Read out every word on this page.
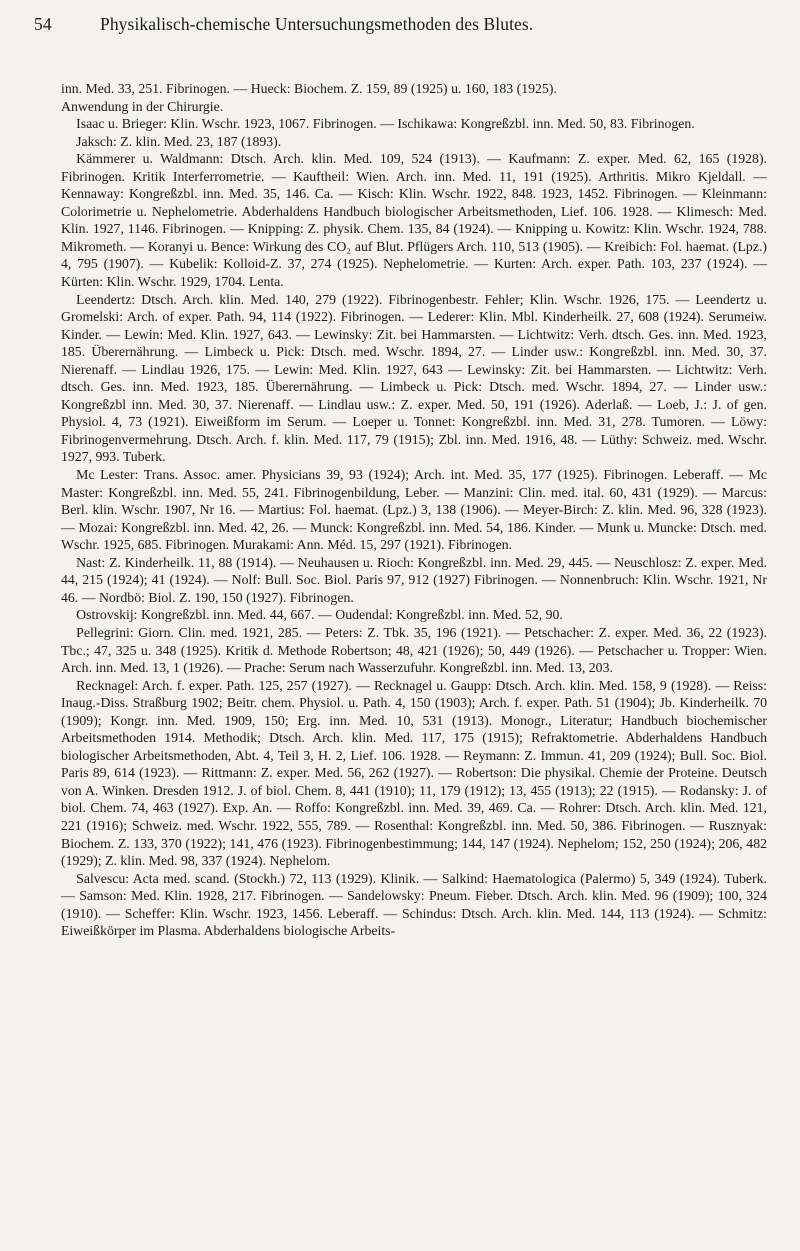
54	Physikalisch-chemische Untersuchungsmethoden des Blutes.

inn. Med. 33, 251. Fibrinogen. — Hueck: Biochem. Z. 159, 89 (1925) u. 160, 183 (1925).

Anwendung in der Chirurgie.

Isaac u. Brieger: Klin. Wschr. 1923, 1067. Fibrinogen. — Ischikawa: Kongreßzbl. inn. Med. 50, 83. Fibrinogen.

Jaksch: Z. klin. Med. 23, 187 (1893).

Kämmerer u. Waldmann: Dtsch. Arch. klin. Med. 109, 524 (1913). — Kaufmann: Z. exper. Med. 62, 165 (1928). Fibrinogen. Kritik Interferrometrie. — Kauftheil: Wien. Arch. inn. Med. 11, 191 (1925). Arthritis. Mikro Kjeldall. — Kennaway: Kongreßzbl. inn. Med. 35, 146. Ca. — Kisch: Klin. Wschr. 1922, 848. 1923, 1452. Fibrinogen. — Kleinmann: Colorimetrie u. Nephelometrie. Abderhaldens Handbuch biologischer Arbeitsmethoden, Lief. 106. 1928. — Klimesch: Med. Klin. 1927, 1146. Fibrinogen. — Knipping: Z. physik. Chem. 135, 84 (1924). — Knipping u. Kowitz: Klin. Wschr. 1924, 788. Mikrometh. — Koranyi u. Bence: Wirkung des CO₂ auf Blut. Pflügers Arch. 110, 513 (1905). — Kreibich: Fol. haemat. (Lpz.) 4, 795 (1907). — Kubelik: Kolloid-Z. 37, 274 (1925). Nephelometrie. — Kurten: Arch. exper. Path. 103, 237 (1924). — Kürten: Klin. Wschr. 1929, 1704. Lenta.

Leendertz: Dtsch. Arch. klin. Med. 140, 279 (1922). Fibrinogenbestr. Fehler; Klin. Wschr. 1926, 175. — Leendertz u. Gromelski: Arch. of exper. Path. 94, 114 (1922). Fibrinogen. — Lederer: Klin. Mbl. Kinderheilk. 27, 608 (1924). Serumeiw. Kinder. — Lewin: Med. Klin. 1927, 643. — Lewinsky: Zit. bei Hammarsten. — Lichtwitz: Verh. dtsch. Ges. inn. Med. 1923, 185. Überernährung. — Limbeck u. Pick: Dtsch. med. Wschr. 1894, 27. — Linder usw.: Kongreßzbl. inn. Med. 30, 37. Nierenaff. — Lindlau 1926, 175. — Lewin: Med. Klin. 1927, 643 — Lewinsky: Zit. bei Hammarsten. — Lichtwitz: Verh. dtsch. Ges. inn. Med. 1923, 185. Überernährung. — Limbeck u. Pick: Dtsch. med. Wschr. 1894, 27. — Linder usw.: Kongreßzbl inn. Med. 30, 37. Nierenaff. — Lindlau usw.: Z. exper. Med. 50, 191 (1926). Aderlaß. — Loeb, J.: J. of gen. Physiol. 4, 73 (1921). Eiweißform im Serum. — Loeper u. Tonnet: Kongreßzbl. inn. Med. 31, 278. Tumoren. — Löwy: Fibrinogenvermehrung. Dtsch. Arch. f. klin. Med. 117, 79 (1915); Zbl. inn. Med. 1916, 48. — Lüthy: Schweiz. med. Wschr. 1927, 993. Tuberk.

Mc Lester: Trans. Assoc. amer. Physicians 39, 93 (1924); Arch. int. Med. 35, 177 (1925). Fibrinogen. Leberaff. — Mc Master: Kongreßzbl. inn. Med. 55, 241. Fibrinogenbildung, Leber. — Manzini: Clin. med. ital. 60, 431 (1929). — Marcus: Berl. klin. Wschr. 1907, Nr 16. — Martius: Fol. haemat. (Lpz.) 3, 138 (1906). — Meyer-Birch: Z. klin. Med. 96, 328 (1923). — Mozai: Kongreßzbl. inn. Med. 42, 26. — Munck: Kongreßzbl. inn. Med. 54, 186. Kinder. — Munk u. Muncke: Dtsch. med. Wschr. 1925, 685. Fibrinogen. Murakami: Ann. Méd. 15, 297 (1921). Fibrinogen.

Nast: Z. Kinderheilk. 11, 88 (1914). — Neuhausen u. Rioch: Kongreßzbl. inn. Med. 29, 445. — Neuschlosz: Z. exper. Med. 44, 215 (1924); 41 (1924). — Nolf: Bull. Soc. Biol. Paris 97, 912 (1927) Fibrinogen. — Nonnenbruch: Klin. Wschr. 1921, Nr 46. — Nordbö: Biol. Z. 190, 150 (1927). Fibrinogen.

Ostrovskij: Kongreßzbl. inn. Med. 44, 667. — Oudendal: Kongreßzbl. inn. Med. 52, 90.

Pellegrini: Giorn. Clin. med. 1921, 285. — Peters: Z. Tbk. 35, 196 (1921). — Petschacher: Z. exper. Med. 36, 22 (1923). Tbc.; 47, 325 u. 348 (1925). Kritik d. Methode Robertson; 48, 421 (1926); 50, 449 (1926). — Petschacher u. Tropper: Wien. Arch. inn. Med. 13, 1 (1926). — Prache: Serum nach Wasserzufuhr. Kongreßzbl. inn. Med. 13, 203.

Recknagel: Arch. f. exper. Path. 125, 257 (1927). — Recknagel u. Gaupp: Dtsch. Arch. klin. Med. 158, 9 (1928). — Reiss: Inaug.-Diss. Straßburg 1902; Beitr. chem. Physiol. u. Path. 4, 150 (1903); Arch. f. exper. Path. 51 (1904); Jb. Kinderheilk. 70 (1909); Kongr. inn. Med. 1909, 150; Erg. inn. Med. 10, 531 (1913). Monogr., Literatur; Handbuch biochemischer Arbeitsmethoden 1914. Methodik; Dtsch. Arch. klin. Med. 117, 175 (1915); Refraktometrie. Abderhaldens Handbuch biologischer Arbeitsmethoden, Abt. 4, Teil 3, H. 2, Lief. 106. 1928. — Reymann: Z. Immun. 41, 209 (1924); Bull. Soc. Biol. Paris 89, 614 (1923). — Rittmann: Z. exper. Med. 56, 262 (1927). — Robertson: Die physikal. Chemie der Proteine. Deutsch von A. Winken. Dresden 1912. J. of biol. Chem. 8, 441 (1910); 11, 179 (1912); 13, 455 (1913); 22 (1915). — Rodansky: J. of biol. Chem. 74, 463 (1927). Exp. An. — Roffo: Kongreßzbl. inn. Med. 39, 469. Ca. — Rohrer: Dtsch. Arch. klin. Med. 121, 221 (1916); Schweiz. med. Wschr. 1922, 555, 789. — Rosenthal: Kongreßzbl. inn. Med. 50, 386. Fibrinogen. — Rusznyak: Biochem. Z. 133, 370 (1922); 141, 476 (1923). Fibrinogenbestimmung; 144, 147 (1924). Nephelom; 152, 250 (1924); 206, 482 (1929); Z. klin. Med. 98, 337 (1924). Nephelom.

Salvescu: Acta med. scand. (Stockh.) 72, 113 (1929). Klinik. — Salkind: Haematologica (Palermo) 5, 349 (1924). Tuberk. — Samson: Med. Klin. 1928, 217. Fibrinogen. — Sandelowsky: Pneum. Fieber. Dtsch. Arch. klin. Med. 96 (1909); 100, 324 (1910). — Scheffer: Klin. Wschr. 1923, 1456. Leberaff. — Schindus: Dtsch. Arch. klin. Med. 144, 113 (1924). — Schmitz: Eiweißkörper im Plasma. Abderhaldens biologische Arbeits-
